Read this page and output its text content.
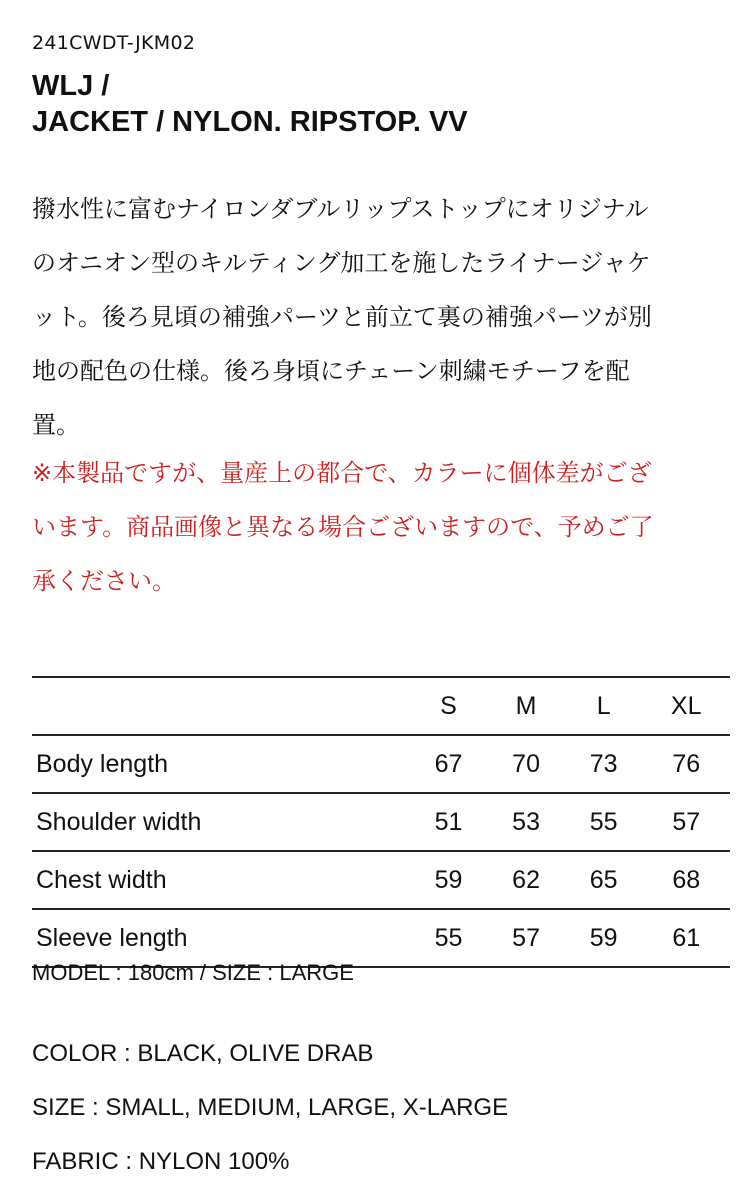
241CWDT-JKM02
WLJ /
JACKET / NYLON. RIPSTOP. VV
撥水性に富むナイロンダブルリップストップにオリジナル
のオニオン型のキルティング加工を施したライナージャケ
ット。後ろ見頃の補強パーツと前立て裏の補強パーツが別
地の配色の仕様。後ろ身頃にチェーン刺繍モチーフを配
置。
※本製品ですが、量産上の都合で、カラーに個体差がござ
います。商品画像と異なる場合ございますので、予めご了
承ください。
	S	M	L	XL
Body length	67	70	73	76
Shoulder width	51	53	55	57
Chest width	59	62	65	68
Sleeve length	55	57	59	61
MODEL : 180cm / SIZE : LARGE
COLOR : BLACK, OLIVE DRAB
SIZE : SMALL, MEDIUM, LARGE, X-LARGE
FABRIC : NYLON 100%
